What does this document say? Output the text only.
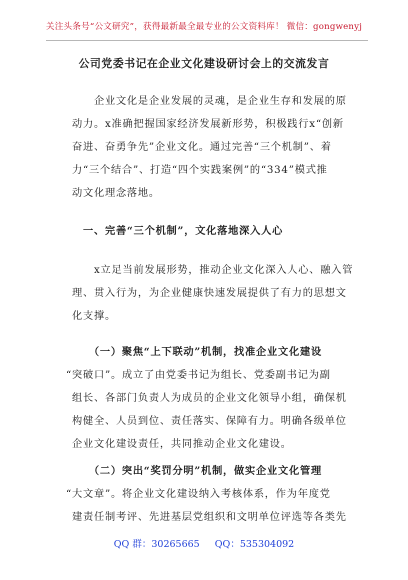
关注头条号“公文研究”，获得最新最全最专业的公文资料库！ 微信：gongwenyj
公司党委书记在企业文化建设研讨会上的交流发言
　　企业文化是企业发展的灵魂，是企业生存和发展的原
动力。x准确把握国家经济发展新形势，积极践行x“创新
奋进、奋勇争先”企业文化。通过完善“三个机制”、着
力“三个结合”、打造“四个实践案例”的“334”模式推
动文化理念落地。
　一、完善“三个机制”，文化落地深入人心
　　x立足当前发展形势，推动企业文化深入人心、融入管
理、贯入行为，为企业健康快速发展提供了有力的思想文
化支撑。
　　（一）聚焦“上下联动”机制，找准企业文化建设
“突破口”。成立了由党委书记为组长、党委副书记为副
组长、各部门负责人为成员的企业文化领导小组，确保机
构健全、人员到位、责任落实、保障有力。明确各级单位
企业文化建设责任，共同推动企业文化建设。
　　（二）突出“奖罚分明”机制，做实企业文化管理
“大文章”。将企业文化建设纳入考核体系，作为年度党
建责任制考评、先进基层党组织和文明单位评选等各类先
QQ 群：30265665 QQ：535304092
